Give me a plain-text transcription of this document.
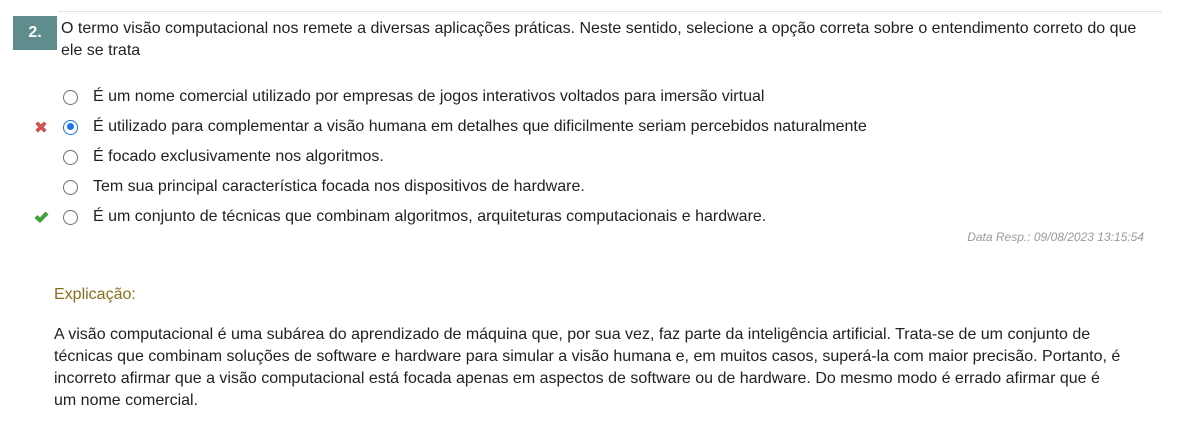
2.	O termo visão computacional nos remete a diversas aplicações práticas. Neste sentido, selecione a opção correta sobre o entendimento correto do que ele se trata
É um nome comercial utilizado por empresas de jogos interativos voltados para imersão virtual
É utilizado para complementar a visão humana em detalhes que dificilmente seriam percebidos naturalmente
É focado exclusivamente nos algoritmos.
Tem sua principal característica focada nos dispositivos de hardware.
É um conjunto de técnicas que combinam algoritmos, arquiteturas computacionais e hardware.
Data Resp.: 09/08/2023 13:15:54
Explicação:
A visão computacional é uma subárea do aprendizado de máquina que, por sua vez, faz parte da inteligência artificial. Trata-se de um conjunto de técnicas que combinam soluções de software e hardware para simular a visão humana e, em muitos casos, superá-la com maior precisão. Portanto, é incorreto afirmar que a visão computacional está focada apenas em aspectos de software ou de hardware. Do mesmo modo é errado afirmar que é um nome comercial.
